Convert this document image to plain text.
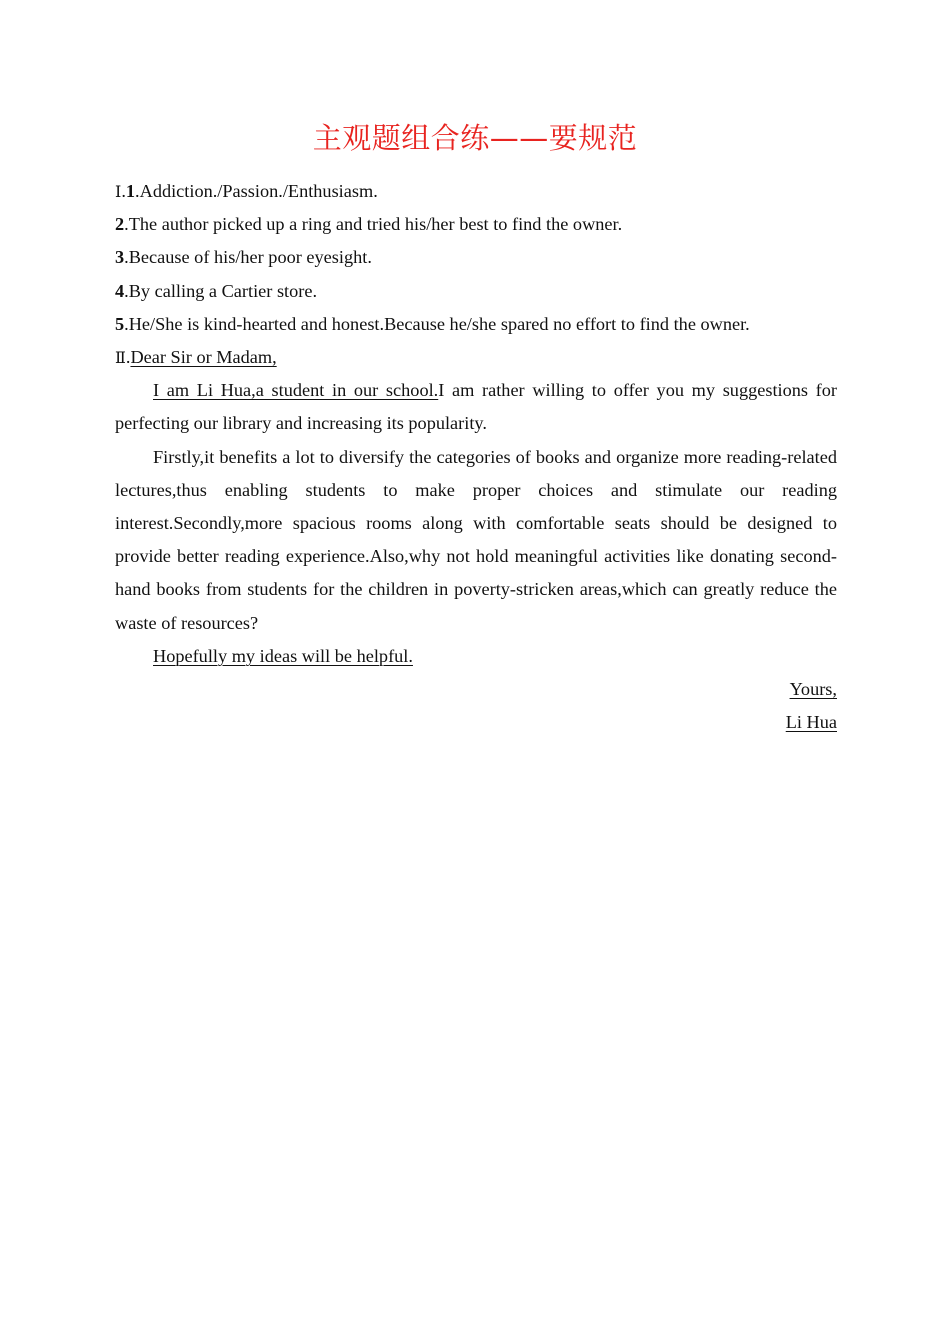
主观题组合练——要规范
Ⅰ.1.Addiction./Passion./Enthusiasm.
2.The author picked up a ring and tried his/her best to find the owner.
3.Because of his/her poor eyesight.
4.By calling a Cartier store.
5.He/She is kind-hearted and honest.Because he/she spared no effort to find the owner.
Ⅱ.Dear Sir or Madam,
I am Li Hua,a student in our school.I am rather willing to offer you my suggestions for perfecting our library and increasing its popularity.
Firstly,it benefits a lot to diversify the categories of books and organize more reading-related lectures,thus enabling students to make proper choices and stimulate our reading interest.Secondly,more spacious rooms along with comfortable seats should be designed to provide better reading experience.Also,why not hold meaningful activities like donating second-hand books from students for the children in poverty-stricken areas,which can greatly reduce the waste of resources?
Hopefully my ideas will be helpful.
Yours,
Li Hua
